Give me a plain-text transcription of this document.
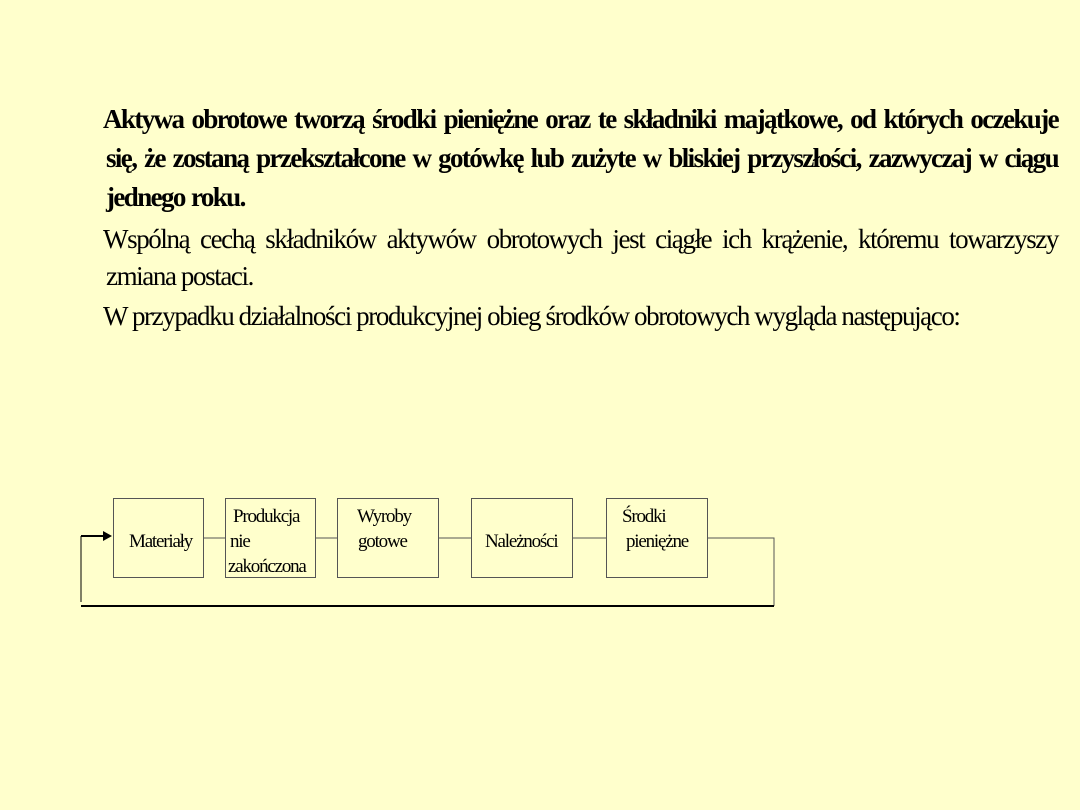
Aktywa obrotowe tworzą środki pieniężne oraz te składniki majątkowe, od których oczekuje się, że zostaną przekształcone w gotówkę lub zużyte w bliskiej przyszłości, zazwyczaj w ciągu jednego roku.

Wspólną cechą składników aktywów obrotowych jest ciągłe ich krążenie, któremu towarzyszy zmiana postaci.

W przypadku działalności produkcyjnej obieg środków obrotowych wygląda następująco:

Materiały
Produkcja
nie
zakończona
Wyroby
gotowe	Należności
Środki
pieniężne
